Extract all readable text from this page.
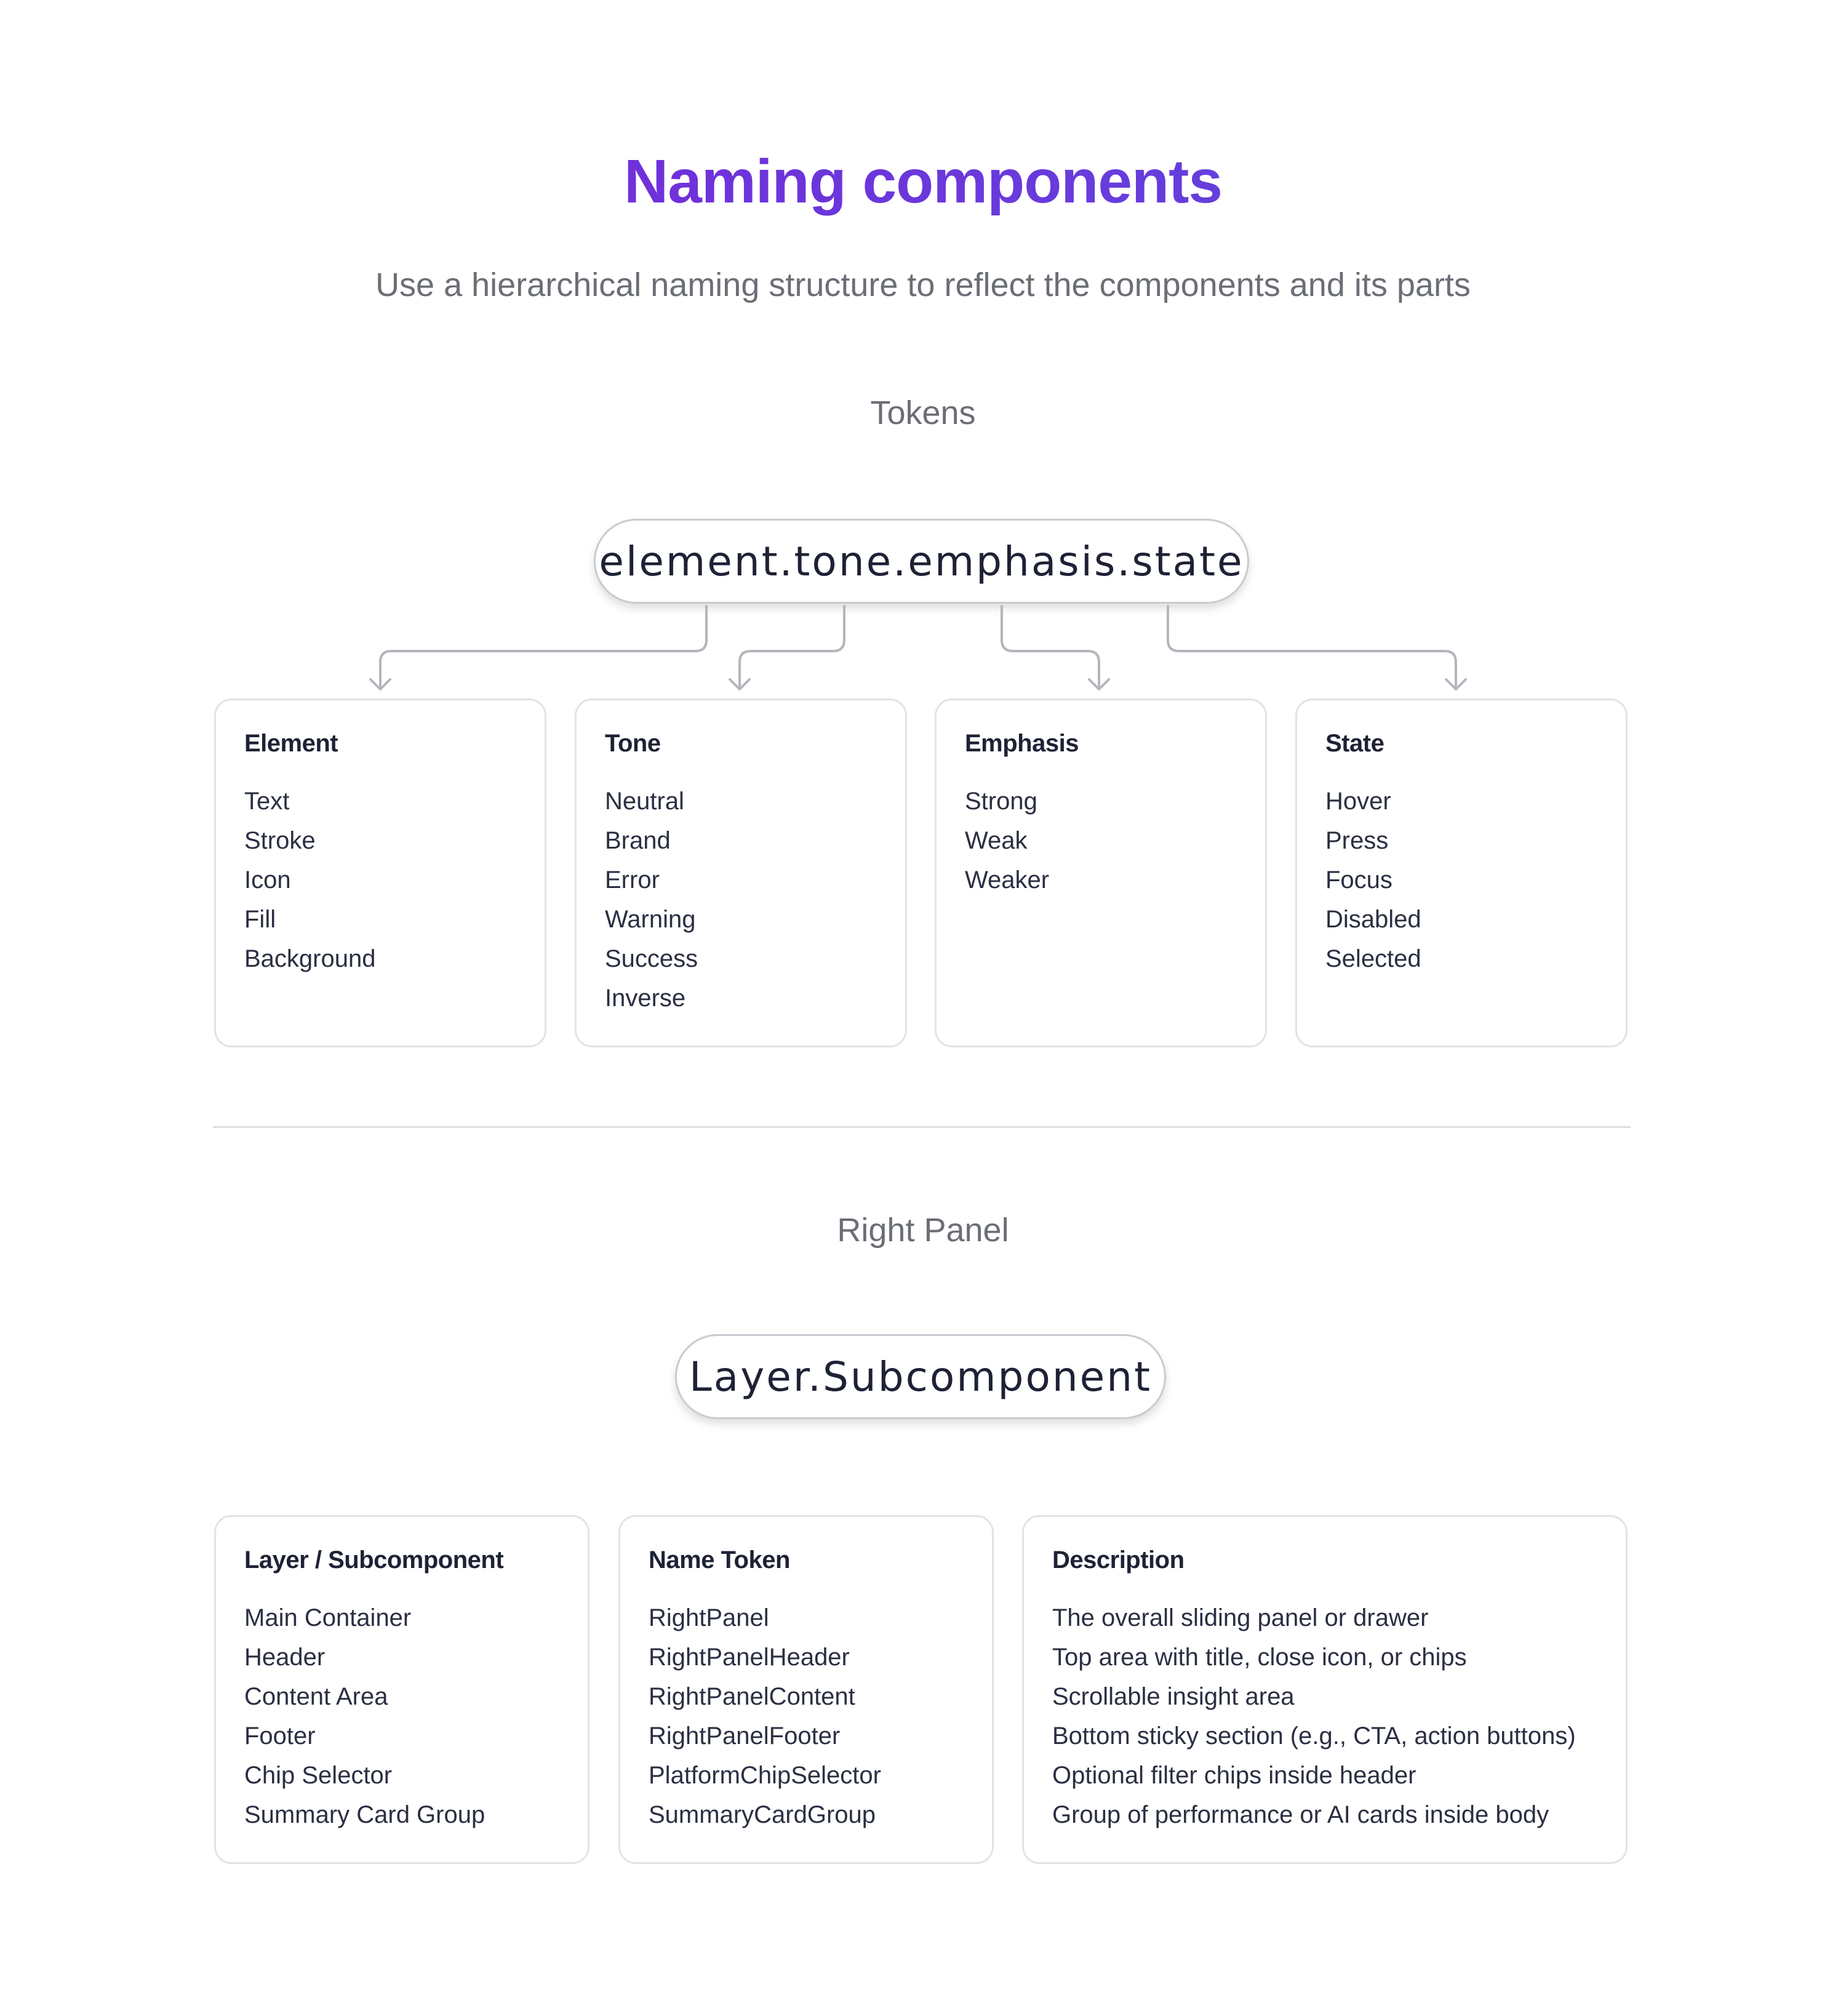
Naming components
Use a hierarchical naming structure to reflect the components and its parts
Tokens
element.tone.emphasis.state
Element
Text
Stroke
Icon
Fill
Background
Tone
Neutral
Brand
Error
Warning
Success
Inverse
Emphasis
Strong
Weak
Weaker
State
Hover
Press
Focus
Disabled
Selected
Right Panel
Layer.Subcomponent
Layer / Subcomponent
Main Container
Header
Content Area
Footer
Chip Selector
Summary Card Group
Name Token
RightPanel
RightPanelHeader
RightPanelContent
RightPanelFooter
PlatformChipSelector
SummaryCardGroup
Description
The overall sliding panel or drawer
Top area with title, close icon, or chips
Scrollable insight area
Bottom sticky section (e.g., CTA, action buttons)
Optional filter chips inside header
Group of performance or AI cards inside body
